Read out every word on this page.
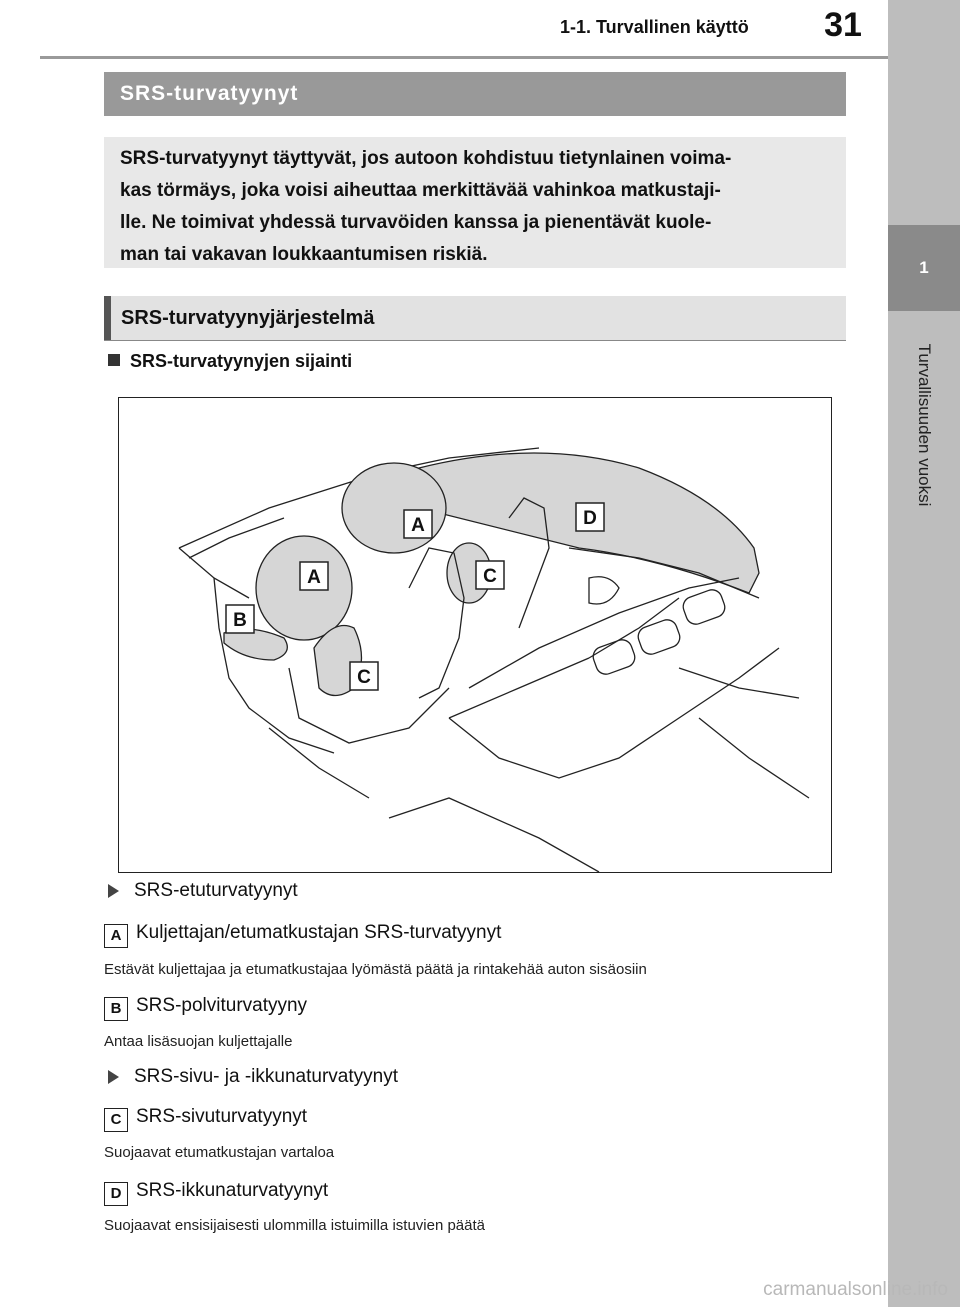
1
Turvallisuuden vuoksi
1-1. Turvallinen käyttö	31
SRS-turvatyynyt
SRS-turvatyynyt täyttyvät, jos autoon kohdistuu tietynlainen voima-
kas törmäys, joka voisi aiheuttaa merkittävää vahinkoa matkustaji-
lle. Ne toimivat yhdessä turvavöiden kanssa ja pienentävät kuole-
man tai vakavan loukkaantumisen riskiä.
SRS-turvatyynyjärjestelmä
SRS-turvatyynyjen sijainti
A
A
B
C
C
D
SRS-etuturvatyynyt
A Kuljettajan/etumatkustajan SRS-turvatyynyt
Estävät kuljettajaa ja etumatkustajaa lyömästä päätä ja rintakehää auton sisäosiin
B SRS-polviturvatyyny
Antaa lisäsuojan kuljettajalle
SRS-sivu- ja -ikkunaturvatyynyt
C SRS-sivuturvatyynyt
Suojaavat etumatkustajan vartaloa
D SRS-ikkunaturvatyynyt
Suojaavat ensisijaisesti ulommilla istuimilla istuvien päätä
carmanualsonline.info
